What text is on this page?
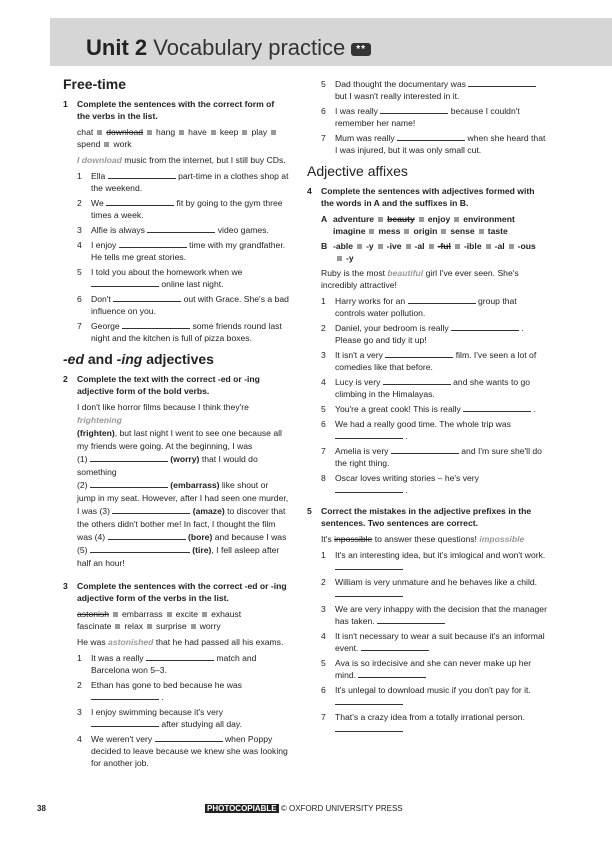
Unit 2 Vocabulary practice **
Free-time
1	Complete the sentences with the correct form of the verbs in the list.
chat download hang have keep play
spend work
I download music from the internet, but I still buy CDs.
1	Ella	part-time in a clothes shop at the weekend.
2	We	fit by going to the gym three times a week.
3	Alfie is always	video games.
4	I enjoy	time with my grandfather. He tells me great stories.
5	I told you about the homework when we  online last night.
6	Don't	out with Grace. She's a bad influence on you.
7	George	some friends round last night and the kitchen is full of pizza boxes.
-ed and -ing adjectives
2	Complete the text with the correct -ed or -ing adjective form of the bold verbs.
I don't like horror films because I think they're frightening
(frighten), but last night I went to see one because all my friends were going. At the beginning, I was
(1)	(worry) that I would do something
(2)	(embarrass) like shout or jump in my seat. However, after I had seen one murder, I was (3)	(amaze) to discover that the others didn't bother me! In fact, I thought the film was (4)	(bore) and because I was
(5)	(tire), I fell asleep after half an hour!
3	Complete the sentences with the correct -ed or -ing adjective form of the verbs in the list.
astonish embarrass excite exhaust
fascinate relax surprise worry
He was astonished that he had passed all his exams.
1	It was a really	match and Barcelona won 5–3.
2	Ethan has gone to bed because he was  .
3	I enjoy swimming because it's very  after studying all day.
4	We weren't very	when Poppy decided to leave because we knew she was looking for another job.
5	Dad thought the documentary was  but I wasn't really interested in it.
6	I was really	because I couldn't remember her name!
7	Mum was really	when she heard that I was injured, but it was only small cut.
Adjective affixes
4	Complete the sentences with adjectives formed with the words in A and the suffixes in B.
A adventure beauty enjoy environment
imagine mess origin sense taste
B -able -y -ive -al -ful -ible -al -ous-y
Ruby is the most beautiful girl I've ever seen. She's incredibly attractive!
1	Harry works for an	group that controls water pollution.
2	Daniel, your bedroom is really	. Please go and tidy it up!
3	It isn't a very	film. I've seen a lot of comedies like that before.
4	Lucy is very	and she wants to go climbing in the Himalayas.
5	You're a great cook! This is really	.
6	We had a really good time. The whole trip was  .
7	Amelia is very	and I'm sure she'll do the right thing.
8	Oscar loves writing stories – he's very  .
5	Correct the mistakes in the adjective prefixes in the sentences. Two sentences are correct.
It's inpossible to answer these questions! impossible
1	It's an interesting idea, but it's imlogical and won't work.
2	William is very unmature and he behaves like a child.
3	We are very inhappy with the decision that the manager has taken.
4	It isn't necessary to wear a suit because it's an informal event.
5	Ava is so irdecisive and she can never make up her mind.
6	It's unlegal to download music if you don't pay for it.
7	That's a crazy idea from a totally irrational person.
38	PHOTOCOPIABLE © OXFORD UNIVERSITY PRESS
